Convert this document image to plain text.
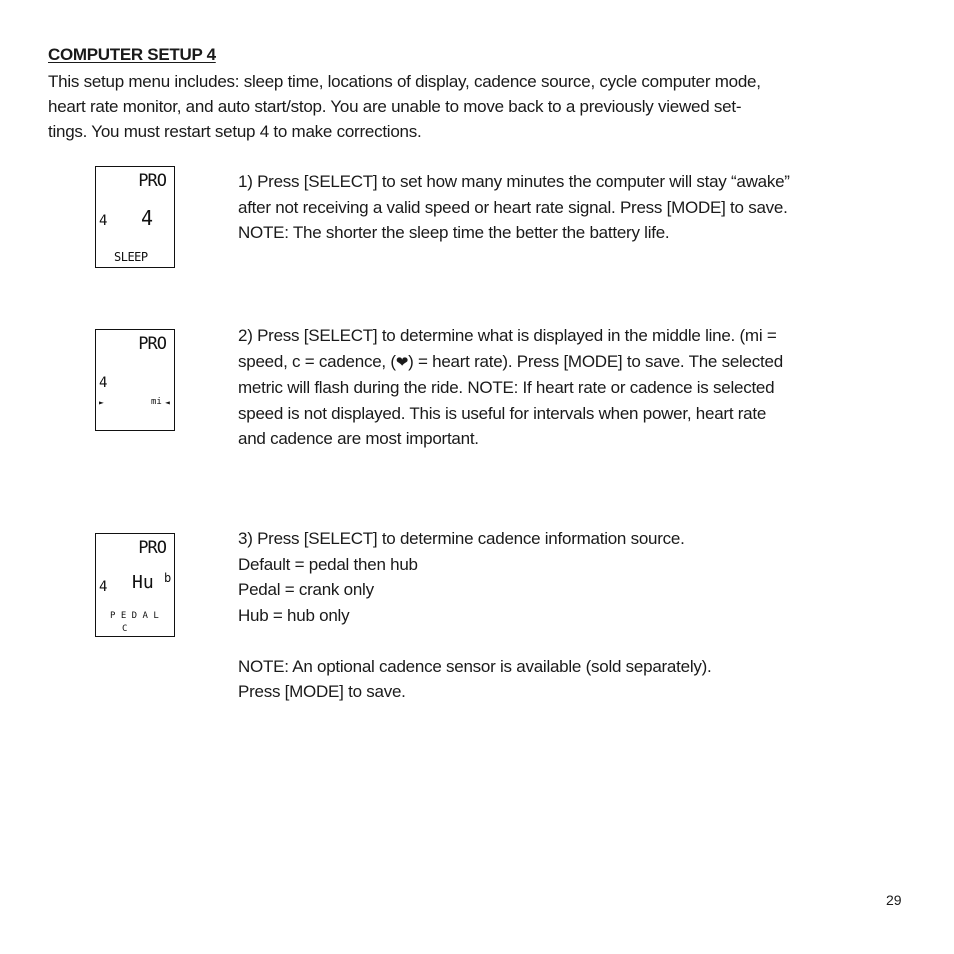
COMPUTER SETUP 4
This setup menu includes: sleep time, locations of display, cadence source, cycle computer mode,
heart rate monitor, and auto start/stop. You are unable to move back to a previously viewed set-
tings. You must restart setup 4 to make corrections.
PRO
4 4
SLEEP
1) Press [SELECT] to set how many minutes the computer will stay “awake”
after not receiving a valid speed or heart rate signal. Press [MODE] to save.
NOTE: The shorter the sleep time the better the battery life.
PRO
4
►	mi ◄
2) Press [SELECT] to determine what is displayed in the middle line. (mi =
speed, c = cadence, (❤) = heart rate). Press [MODE] to save. The selected
metric will flash during the ride. NOTE: If heart rate or cadence is selected
speed is not displayed. This is useful for intervals when power, heart rate
and cadence are most important.
PRO
4 Hu b
P E D A L
C
3) Press [SELECT] to determine cadence information source.
Default = pedal then hub
Pedal = crank only
Hub = hub only
NOTE: An optional cadence sensor is available (sold separately).
Press [MODE] to save.
29
